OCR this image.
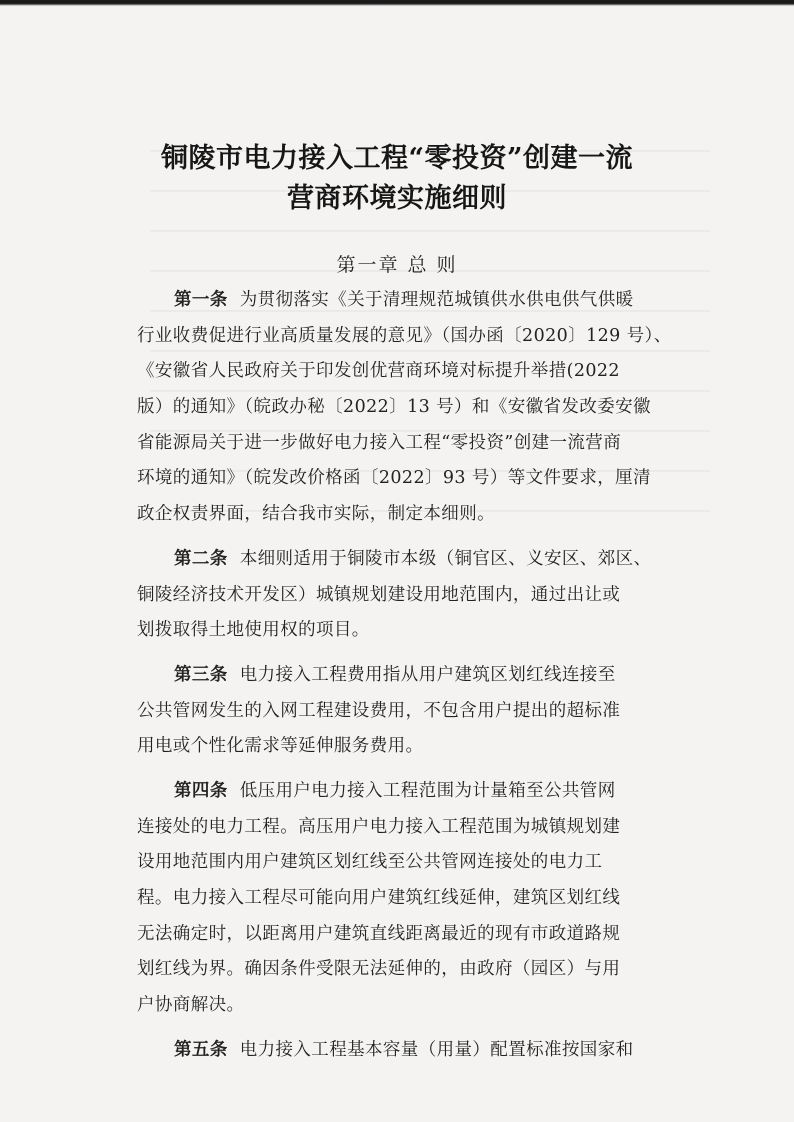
铜陵市电力接入工程“零投资”创建一流
营商环境实施细则
第一章 总 则
第一条 为贯彻落实《关于清理规范城镇供水供电供气供暖
行业收费促进行业高质量发展的意见》（国办函〔2020〕129 号）、
《安徽省人民政府关于印发创优营商环境对标提升举措(2022
版）的通知》（皖政办秘〔2022〕13 号）和《安徽省发改委安徽
省能源局关于进一步做好电力接入工程“零投资”创建一流营商
环境的通知》（皖发改价格函〔2022〕93 号）等文件要求，厘清
政企权责界面，结合我市实际，制定本细则。
第二条 本细则适用于铜陵市本级（铜官区、义安区、郊区、
铜陵经济技术开发区）城镇规划建设用地范围内，通过出让或
划拨取得土地使用权的项目。
第三条 电力接入工程费用指从用户建筑区划红线连接至
公共管网发生的入网工程建设费用，不包含用户提出的超标准
用电或个性化需求等延伸服务费用。
第四条 低压用户电力接入工程范围为计量箱至公共管网
连接处的电力工程。高压用户电力接入工程范围为城镇规划建
设用地范围内用户建筑区划红线至公共管网连接处的电力工
程。电力接入工程尽可能向用户建筑红线延伸，建筑区划红线
无法确定时，以距离用户建筑直线距离最近的现有市政道路规
划红线为界。确因条件受限无法延伸的，由政府（园区）与用
户协商解决。
第五条 电力接入工程基本容量（用量）配置标准按国家和
